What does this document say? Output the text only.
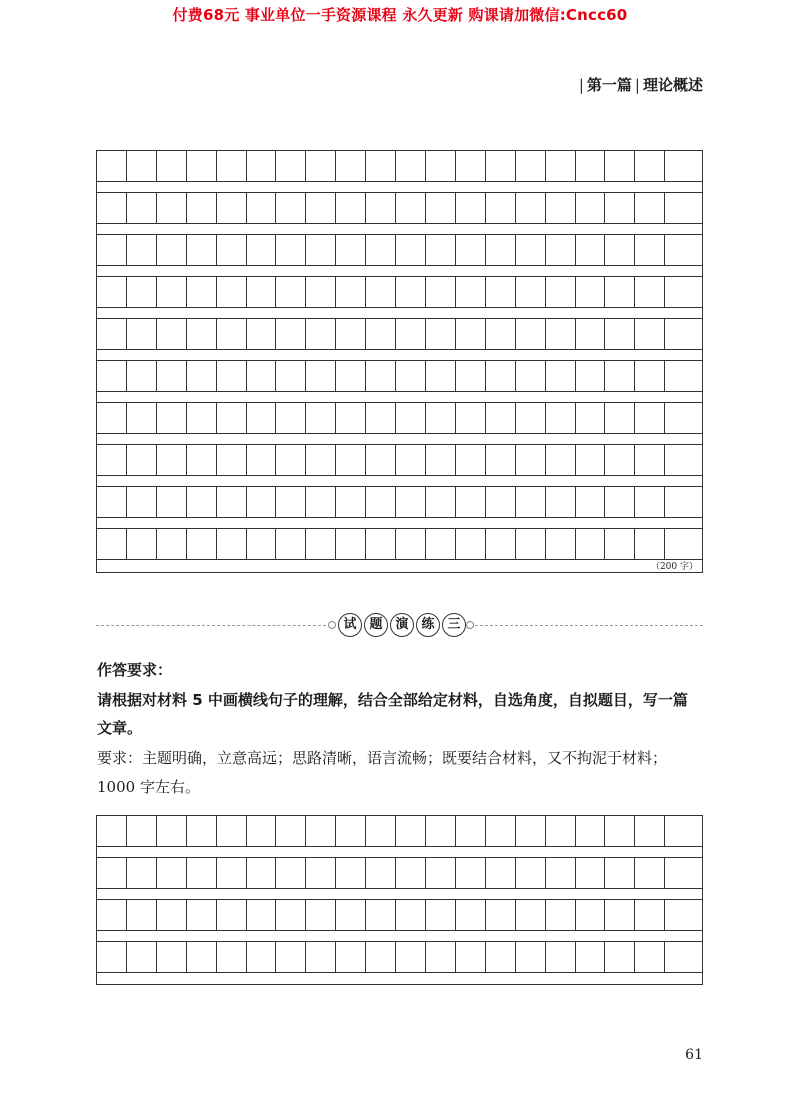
付费68元 事业单位一手资源课程 永久更新 购课请加微信:Cncc60
| 第一篇 | 理论概述
（200 字）
试 题 演 练 三
作答要求：
请根据对材料 5 中画横线句子的理解，结合全部给定材料，自选角度，自拟题目，写一篇
文章。
要求：主题明确，立意高远；思路清晰，语言流畅；既要结合材料，又不拘泥于材料；
1000 字左右。
61
